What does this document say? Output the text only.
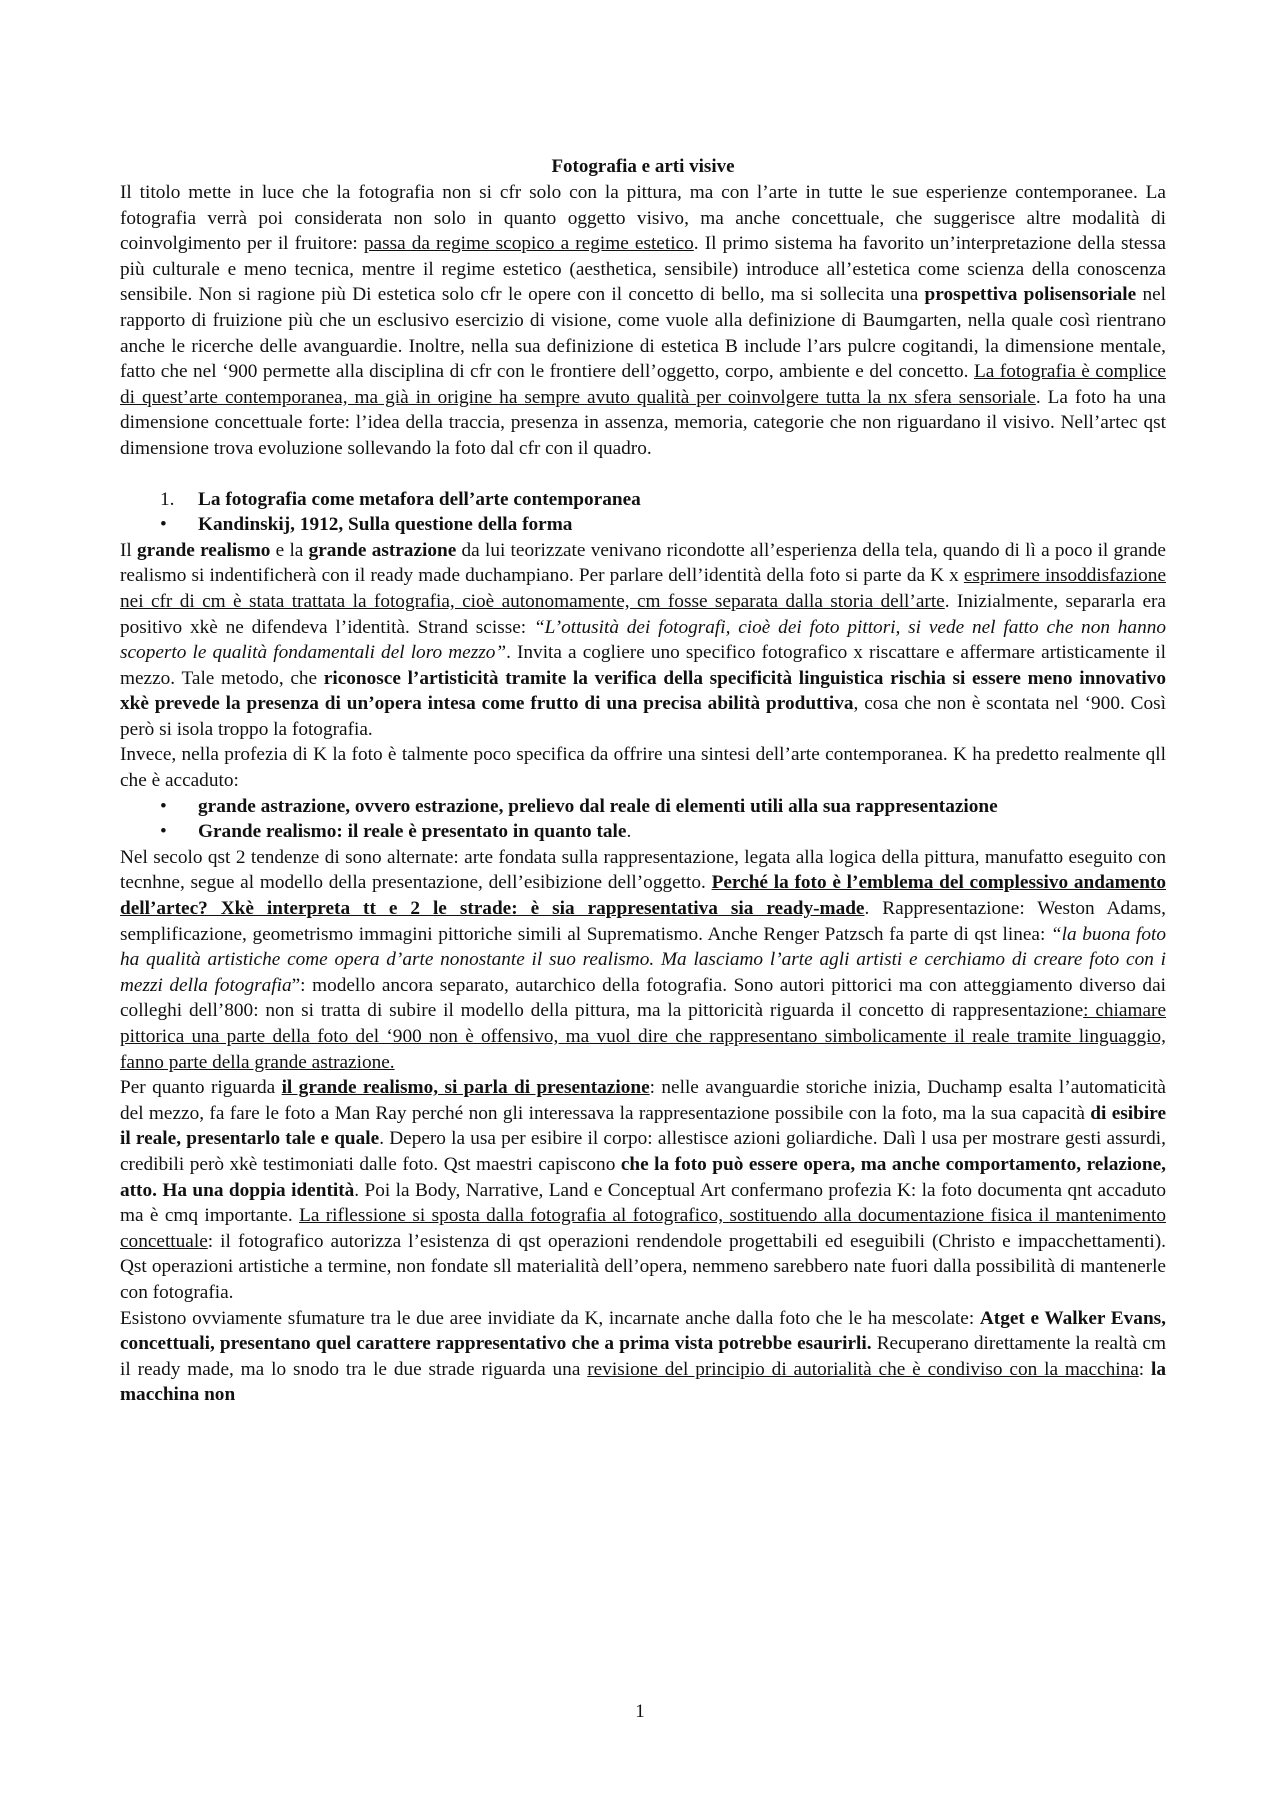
Fotografia e arti visive

Il titolo mette in luce che la fotografia non si cfr solo con la pittura, ma con l’arte in tutte le sue esperienze contemporanee. La fotografia verrà poi considerata non solo in quanto oggetto visivo, ma anche concettuale, che suggerisce altre modalità di coinvolgimento per il fruitore: passa da regime scopico a regime estetico. Il primo sistema ha favorito un’interpretazione della stessa più culturale e meno tecnica, mentre il regime estetico (aesthetica, sensibile) introduce all’estetica come scienza della conoscenza sensibile. Non si ragione più Di estetica solo cfr le opere con il concetto di bello, ma si sollecita una prospettiva polisensoriale nel rapporto di fruizione più che un esclusivo esercizio di visione, come vuole alla definizione di Baumgarten, nella quale così rientrano anche le ricerche delle avanguardie. Inoltre, nella sua definizione di estetica B include l’ars pulcre cogitandi, la dimensione mentale, fatto che nel ‘900 permette alla disciplina di cfr con le frontiere dell’oggetto, corpo, ambiente e del concetto. La fotografia è complice di quest’arte contemporanea, ma già in origine ha sempre avuto qualità per coinvolgere tutta la nx sfera sensoriale. La foto ha una dimensione concettuale forte: l’idea della traccia, presenza in assenza, memoria, categorie che non riguardano il visivo. Nell’artec qst dimensione trova evoluzione sollevando la foto dal cfr con il quadro.

1.	La fotografia come metafora dell’arte contemporanea
•	Kandinskij, 1912, Sulla questione della forma

Il grande realismo e la grande astrazione da lui teorizzate venivano ricondotte all’esperienza della tela, quando di lì a poco il grande realismo si indentificherà con il ready made duchampiano. Per parlare dell’identità della foto si parte da K x esprimere insoddisfazione nei cfr di cm è stata trattata la fotografia, cioè autonomamente, cm fosse separata dalla storia dell’arte. Inizialmente, separarla era positivo xkè ne difendeva l’identità. Strand scisse: “L’ottusità dei fotografi, cioè dei foto pittori, si vede nel fatto che non hanno scoperto le qualità fondamentali del loro mezzo”. Invita a cogliere uno specifico fotografico x riscattare e affermare artisticamente il mezzo. Tale metodo, che riconosce l’artisticità tramite la verifica della specificità linguistica rischia si essere meno innovativo xkè prevede la presenza di un’opera intesa come frutto di una precisa abilità produttiva, cosa che non è scontata nel ‘900. Così però si isola troppo la fotografia.

Invece, nella profezia di K la foto è talmente poco specifica da offrire una sintesi dell’arte contemporanea. K ha predetto realmente qll che è accaduto:

•	grande astrazione, ovvero estrazione, prelievo dal reale di elementi utili alla sua rappresentazione
•	Grande realismo: il reale è presentato in quanto tale.

Nel secolo qst 2 tendenze di sono alternate: arte fondata sulla rappresentazione, legata alla logica della pittura, manufatto eseguito con tecnhne, segue al modello della presentazione, dell’esibizione dell’oggetto. Perché la foto è l’emblema del complessivo andamento dell’artec? Xkè interpreta tt e 2 le strade: è sia rappresentativa sia ready-made. Rappresentazione: Weston Adams, semplificazione, geometrismo immagini pittoriche simili al Suprematismo. Anche Renger Patzsch fa parte di qst linea: “la buona foto ha qualità artistiche come opera d’arte nonostante il suo realismo. Ma lasciamo l’arte agli artisti e cerchiamo di creare foto con i mezzi della fotografia”: modello ancora separato, autarchico della fotografia. Sono autori pittorici ma con atteggiamento diverso dai colleghi dell’800: non si tratta di subire il modello della pittura, ma la pittoricità riguarda il concetto di rappresentazione: chiamare pittorica una parte della foto del ‘900 non è offensivo, ma vuol dire che rappresentano simbolicamente il reale tramite linguaggio, fanno parte della grande astrazione.

Per quanto riguarda il grande realismo, si parla di presentazione: nelle avanguardie storiche inizia, Duchamp esalta l’automaticità del mezzo, fa fare le foto a Man Ray perché non gli interessava la rappresentazione possibile con la foto, ma la sua capacità di esibire il reale, presentarlo tale e quale. Depero la usa per esibire il corpo: allestisce azioni goliardiche. Dalì l usa per mostrare gesti assurdi, credibili però xkè testimoniati dalle foto. Qst maestri capiscono che la foto può essere opera, ma anche comportamento, relazione, atto. Ha una doppia identità. Poi la Body, Narrative, Land e Conceptual Art confermano profezia K: la foto documenta qnt accaduto ma è cmq importante. La riflessione si sposta dalla fotografia al fotografico, sostituendo alla documentazione fisica il mantenimento concettuale: il fotografico autorizza l’esistenza di qst operazioni rendendole progettabili ed eseguibili (Christo e impacchettamenti). Qst operazioni artistiche a termine, non fondate sll materialità dell’opera, nemmeno sarebbero nate fuori dalla possibilità di mantenerle con fotografia.

Esistono ovviamente sfumature tra le due aree invidiate da K, incarnate anche dalla foto che le ha mescolate: Atget e Walker Evans, concettuali, presentano quel carattere rappresentativo che a prima vista potrebbe esaurirli. Recuperano direttamente la realtà cm il ready made, ma lo snodo tra le due strade riguarda una revisione del principio di autorialità che è condiviso con la macchina: la macchina non

1
